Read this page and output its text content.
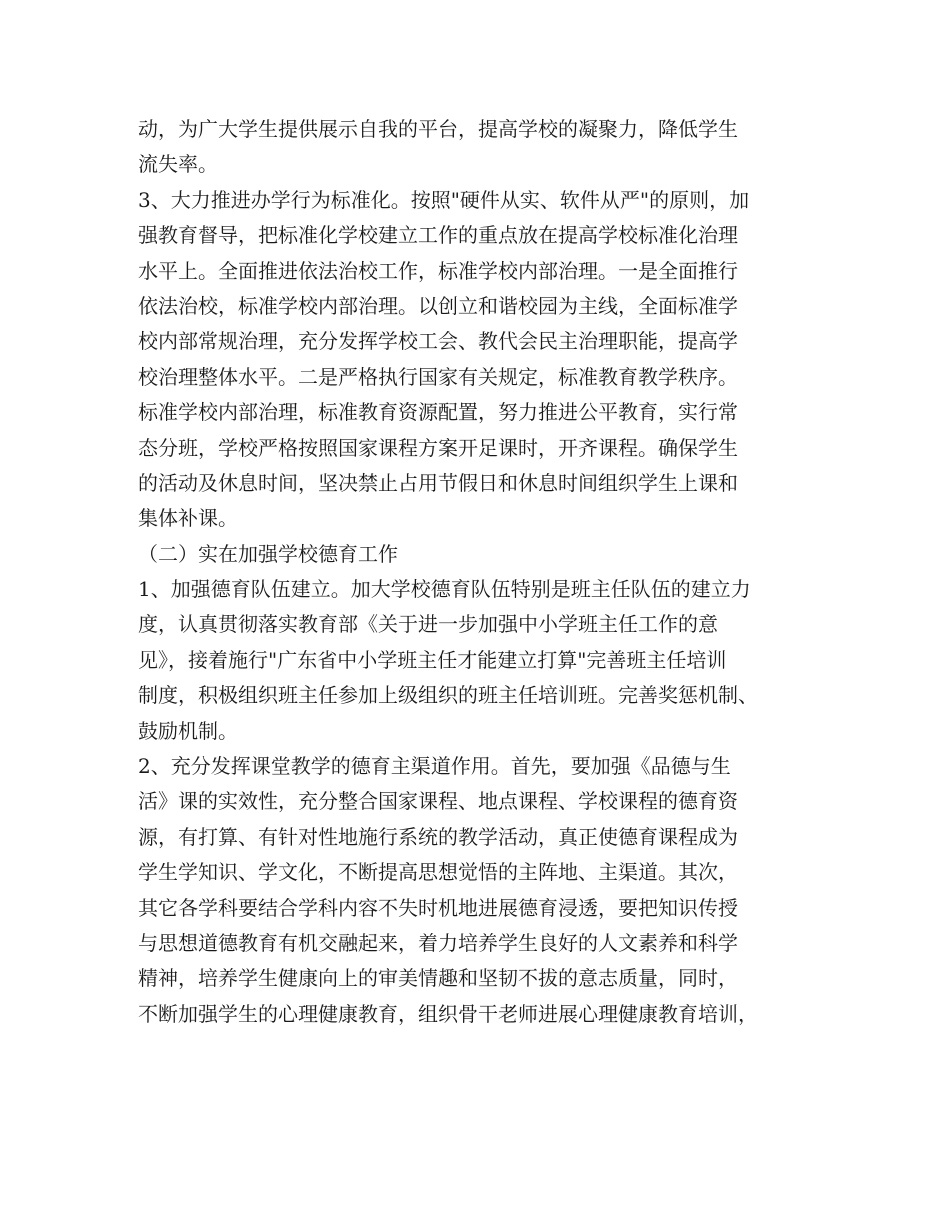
动，为广大学生提供展示自我的平台，提高学校的凝聚力，降低学生
流失率。
3、大力推进办学行为标准化。按照"硬件从实、软件从严"的原则，加
强教育督导，把标准化学校建立工作的重点放在提高学校标准化治理
水平上。全面推进依法治校工作，标准学校内部治理。一是全面推行
依法治校，标准学校内部治理。以创立和谐校园为主线，全面标准学
校内部常规治理，充分发挥学校工会、教代会民主治理职能，提高学
校治理整体水平。二是严格执行国家有关规定，标准教育教学秩序。
标准学校内部治理，标准教育资源配置，努力推进公平教育，实行常
态分班，学校严格按照国家课程方案开足课时，开齐课程。确保学生
的活动及休息时间，坚决禁止占用节假日和休息时间组织学生上课和
集体补课。
（二）实在加强学校德育工作
1、加强德育队伍建立。加大学校德育队伍特别是班主任队伍的建立力
度，认真贯彻落实教育部《关于进一步加强中小学班主任工作的意
见》，接着施行"广东省中小学班主任才能建立打算"完善班主任培训
制度，积极组织班主任参加上级组织的班主任培训班。完善奖惩机制、
鼓励机制。
2、充分发挥课堂教学的德育主渠道作用。首先，要加强《品德与生
活》课的实效性，充分整合国家课程、地点课程、学校课程的德育资
源，有打算、有针对性地施行系统的教学活动，真正使德育课程成为
学生学知识、学文化，不断提高思想觉悟的主阵地、主渠道。其次，
其它各学科要结合学科内容不失时机地进展德育浸透，要把知识传授
与思想道德教育有机交融起来，着力培养学生良好的人文素养和科学
精神，培养学生健康向上的审美情趣和坚韧不拔的意志质量，同时，
不断加强学生的心理健康教育，组织骨干老师进展心理健康教育培训，
